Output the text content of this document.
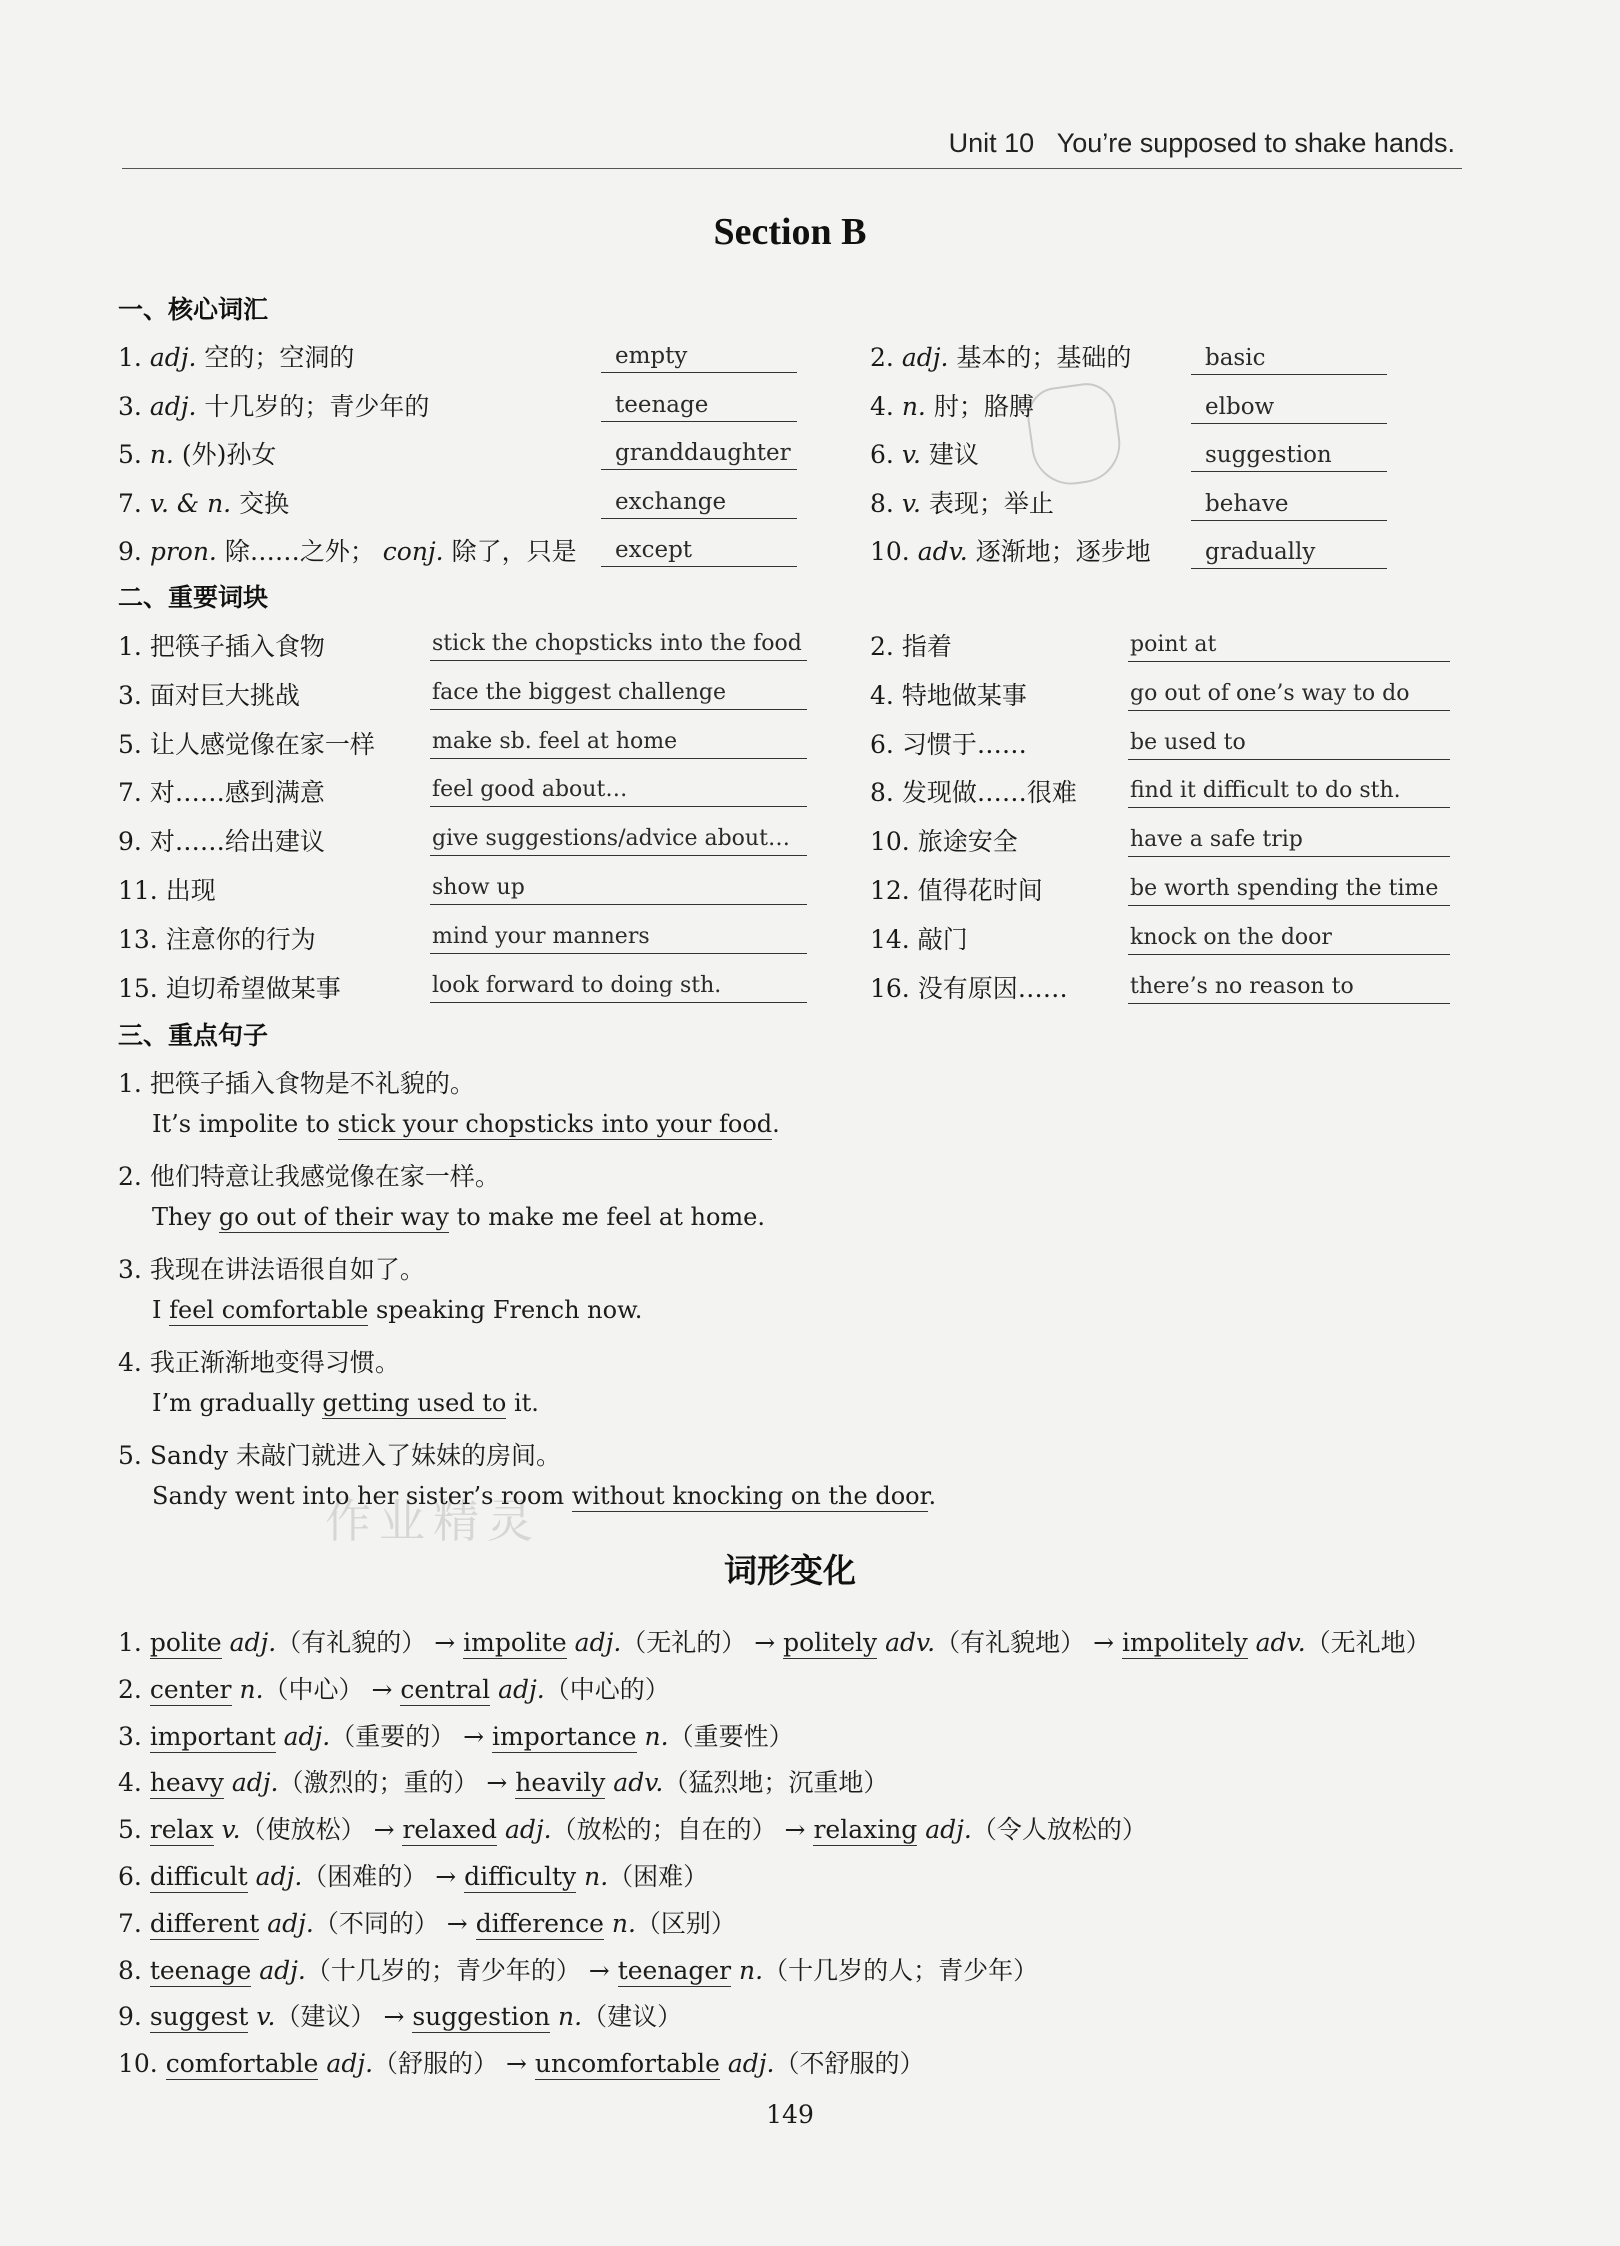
Unit 10 You’re supposed to shake hands.
Section B
作业精灵
一、核心词汇
1. adj. 空的；空洞的	empty
3. adj. 十几岁的；青少年的	teenage
5. n. (外)孙女	granddaughter
7. v. & n. 交换	exchange
9. pron. 除……之外； conj. 除了，只是	except
2. adj. 基本的；基础的	basic
4. n. 肘；胳膊	elbow
6. v. 建议	suggestion
8. v. 表现；举止	behave
10. adv. 逐渐地；逐步地	gradually
二、重要词块
1. 把筷子插入食物	stick the chopsticks into the food
3. 面对巨大挑战	face the biggest challenge
5. 让人感觉像在家一样	make sb. feel at home
7. 对……感到满意	feel good about…
9. 对……给出建议	give suggestions/advice about…
11. 出现	show up
13. 注意你的行为	mind your manners
15. 迫切希望做某事	look forward to doing sth.
2. 指着	point at
4. 特地做某事	go out of one’s way to do
6. 习惯于……	be used to
8. 发现做……很难 find it difficult to do sth.
10. 旅途安全	have a safe trip
12. 值得花时间	be worth spending the time
14. 敲门	knock on the door
16. 没有原因……	there’s no reason to
三、重点句子
1. 把筷子插入食物是不礼貌的。
It’s impolite to stick your chopsticks into your food.
2. 他们特意让我感觉像在家一样。
They go out of their way to make me feel at home.
3. 我现在讲法语很自如了。
I feel comfortable speaking French now.
4. 我正渐渐地变得习惯。
I’m gradually getting used to it.
5. Sandy 未敲门就进入了妹妹的房间。
Sandy went into her sister’s room without knocking on the door.
词形变化
1. polite adj.（有礼貌的） → impolite adj.（无礼的） → politely adv.（有礼貌地） → impolitely adv.（无礼地）
2. center n.（中心） → central adj.（中心的）
3. important adj.（重要的） → importance n.（重要性）
4. heavy adj.（激烈的；重的） → heavily adv.（猛烈地；沉重地）
5. relax v.（使放松） → relaxed adj.（放松的；自在的） → relaxing adj.（令人放松的）
6. difficult adj.（困难的） → difficulty n.（困难）
7. different adj.（不同的） → difference n.（区别）
8. teenage adj.（十几岁的；青少年的） → teenager n.（十几岁的人；青少年）
9. suggest v.（建议） → suggestion n.（建议）
10. comfortable adj.（舒服的） → uncomfortable adj.（不舒服的）
149
